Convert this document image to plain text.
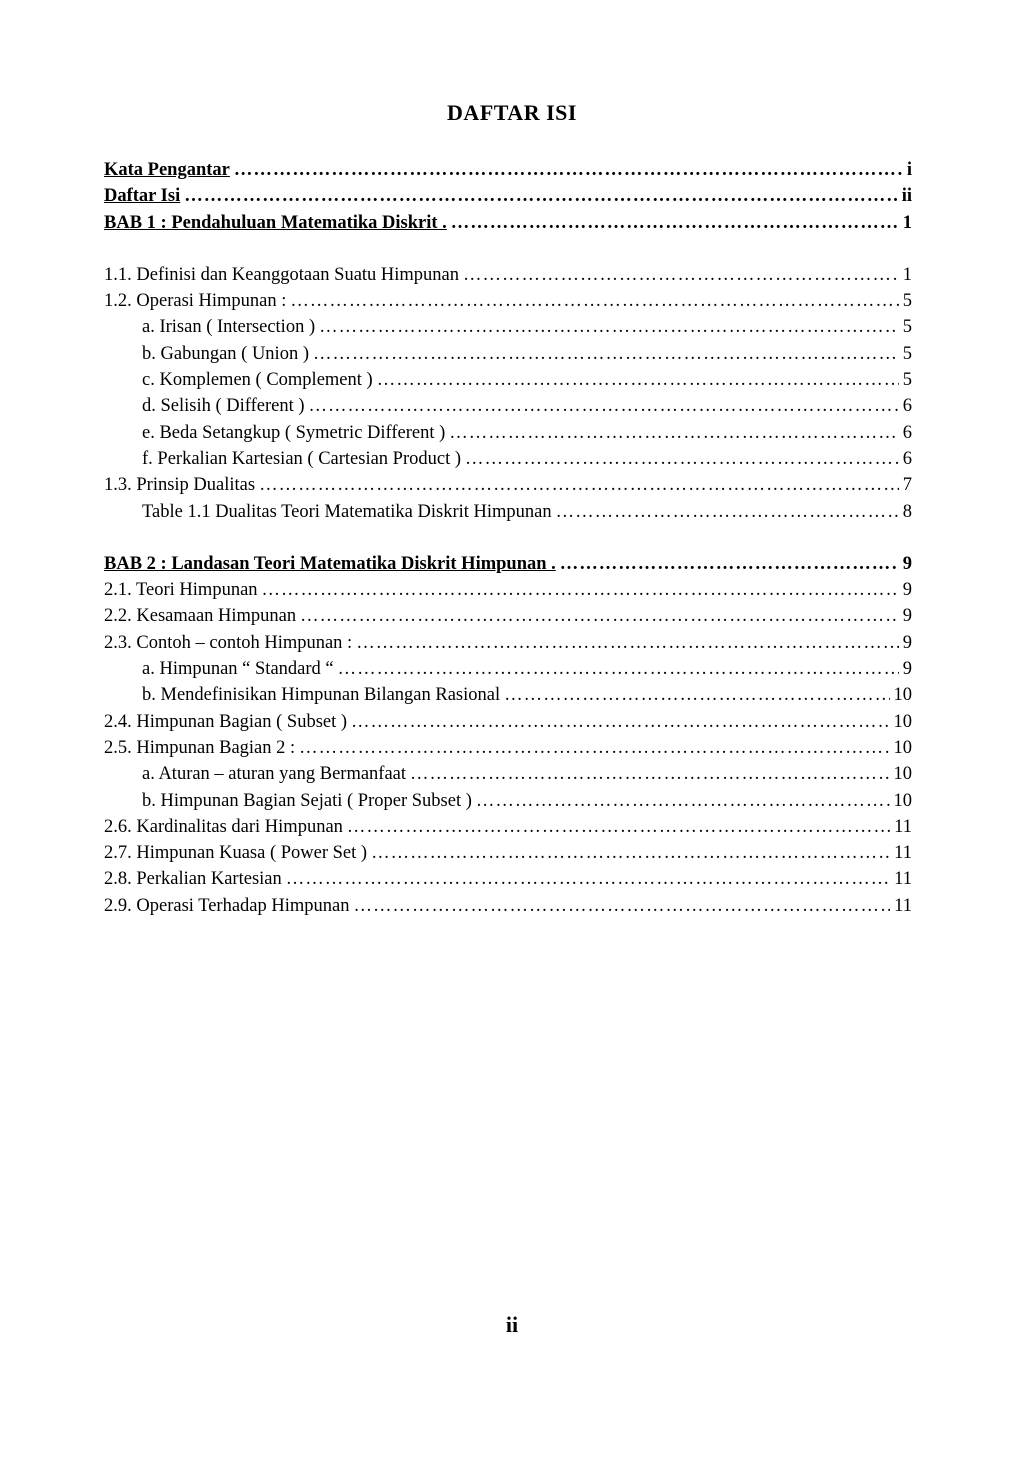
DAFTAR ISI
Kata Pengantar ………………………………………………………………………………………………………………………………………………………………………………………………	i
Daftar Isi ………………………………………………………………………………………………………………………………………………………………………………………………	ii
BAB 1 : Pendahuluan Matematika Diskrit . ………………………………………………………………………………………………………………………………………………………………………………………………	1
1.1. Definisi dan Keanggotaan Suatu Himpunan ………………………………………………………………………………………………………………………………………………………………………………………………	1
1.2. Operasi Himpunan : ………………………………………………………………………………………………………………………………………………………………………………………………	5
a. Irisan ( Intersection ) ………………………………………………………………………………………………………………………………………………………………………………………………	5
b. Gabungan ( Union ) ………………………………………………………………………………………………………………………………………………………………………………………………	5
c. Komplemen ( Complement ) ………………………………………………………………………………………………………………………………………………………………………………………………	5
d. Selisih ( Different ) ………………………………………………………………………………………………………………………………………………………………………………………………	6
e. Beda Setangkup ( Symetric Different ) ………………………………………………………………………………………………………………………………………………………………………………………………	6
f. Perkalian Kartesian ( Cartesian Product ) ………………………………………………………………………………………………………………………………………………………………………………………………	6
1.3. Prinsip Dualitas ………………………………………………………………………………………………………………………………………………………………………………………………	7
Table 1.1 Dualitas Teori Matematika Diskrit Himpunan ………………………………………………………………………………………………………………………………………………………………………………………………	8
BAB 2 : Landasan Teori Matematika Diskrit Himpunan . ………………………………………………………………………………………………………………………………………………………………………………………………	9
2.1. Teori Himpunan ………………………………………………………………………………………………………………………………………………………………………………………………	9
2.2. Kesamaan Himpunan ………………………………………………………………………………………………………………………………………………………………………………………………	9
2.3. Contoh – contoh Himpunan : ………………………………………………………………………………………………………………………………………………………………………………………………	9
a. Himpunan “ Standard “ ………………………………………………………………………………………………………………………………………………………………………………………………	9
b. Mendefinisikan Himpunan Bilangan Rasional ………………………………………………………………………………………………………………………………………………………………………………………………	10
2.4. Himpunan Bagian ( Subset ) ………………………………………………………………………………………………………………………………………………………………………………………………	10
2.5. Himpunan Bagian 2 : ………………………………………………………………………………………………………………………………………………………………………………………………	10
a. Aturan – aturan yang Bermanfaat ………………………………………………………………………………………………………………………………………………………………………………………………	10
b. Himpunan Bagian Sejati ( Proper Subset ) ………………………………………………………………………………………………………………………………………………………………………………………………	10
2.6. Kardinalitas dari Himpunan ………………………………………………………………………………………………………………………………………………………………………………………………	11
2.7. Himpunan Kuasa ( Power Set ) ………………………………………………………………………………………………………………………………………………………………………………………………	11
2.8. Perkalian Kartesian ………………………………………………………………………………………………………………………………………………………………………………………………	11
2.9. Operasi Terhadap Himpunan ………………………………………………………………………………………………………………………………………………………………………………………………	11
ii
